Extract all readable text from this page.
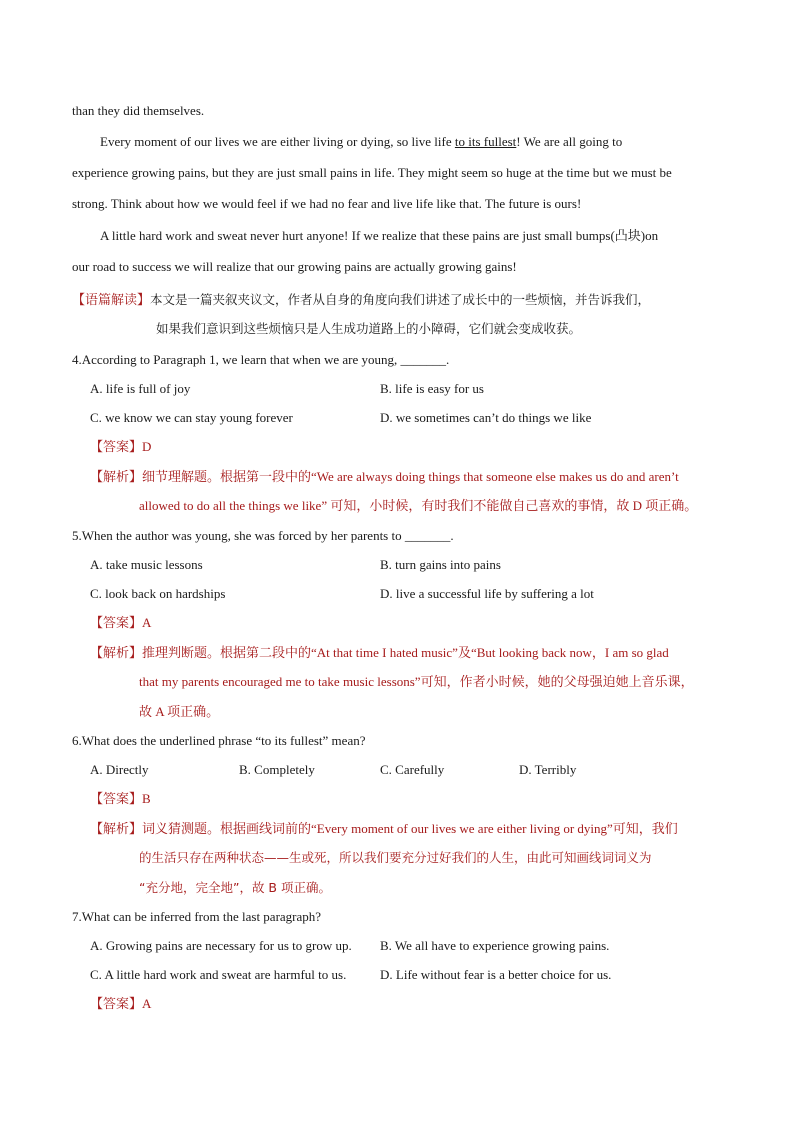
than they did themselves.
Every moment of our lives we are either living or dying, so live life to its fullest! We are all going to
experience growing pains, but they are just small pains in life. They might seem so huge at the time but we must be
strong. Think about how we would feel if we had no fear and live life like that. The future is ours!
A little hard work and sweat never hurt anyone! If we realize that these pains are just small bumps(凸块)on
our road to success we will realize that our growing pains are actually growing gains!
【语篇解读】本文是一篇夹叙夹议文，作者从自身的角度向我们讲述了成长中的一些烦恼，并告诉我们，
如果我们意识到这些烦恼只是人生成功道路上的小障碍，它们就会变成收获。
4.According to Paragraph 1, we learn that when we are young, _______.
A. life is full of joy	B. life is easy for us
C. we know we can stay young forever	D. we sometimes can’t do things we like
【答案】D
【解析】细节理解题。根据第一段中的“We are always doing things that someone else makes us do and aren’t
allowed to do all the things we like” 可知，小时候，有时我们不能做自己喜欢的事情，故 D 项正确。
5.When the author was young, she was forced by her parents to _______.
A. take music lessons	B. turn gains into pains
C. look back on hardships	D. live a successful life by suffering a lot
【答案】A
【解析】推理判断题。根据第二段中的“At that time I hated music”及“But looking back now，I am so glad
that my parents encouraged me to take music lessons”可知，作者小时候，她的父母强迫她上音乐课，
故 A 项正确。
6.What does the underlined phrase “to its fullest” mean?
A. Directly	B. Completely	C. Carefully	D. Terribly
【答案】B
【解析】词义猜测题。根据画线词前的“Every moment of our lives we are either living or dying”可知，我们
的生活只存在两种状态——生或死，所以我们要充分过好我们的人生，由此可知画线词词义为
“充分地，完全地”，故 B 项正确。
7.What can be inferred from the last paragraph?
A. Growing pains are necessary for us to grow up. B. We all have to experience growing pains.
C. A little hard work and sweat are harmful to us.	D. Life without fear is a better choice for us.
【答案】A
